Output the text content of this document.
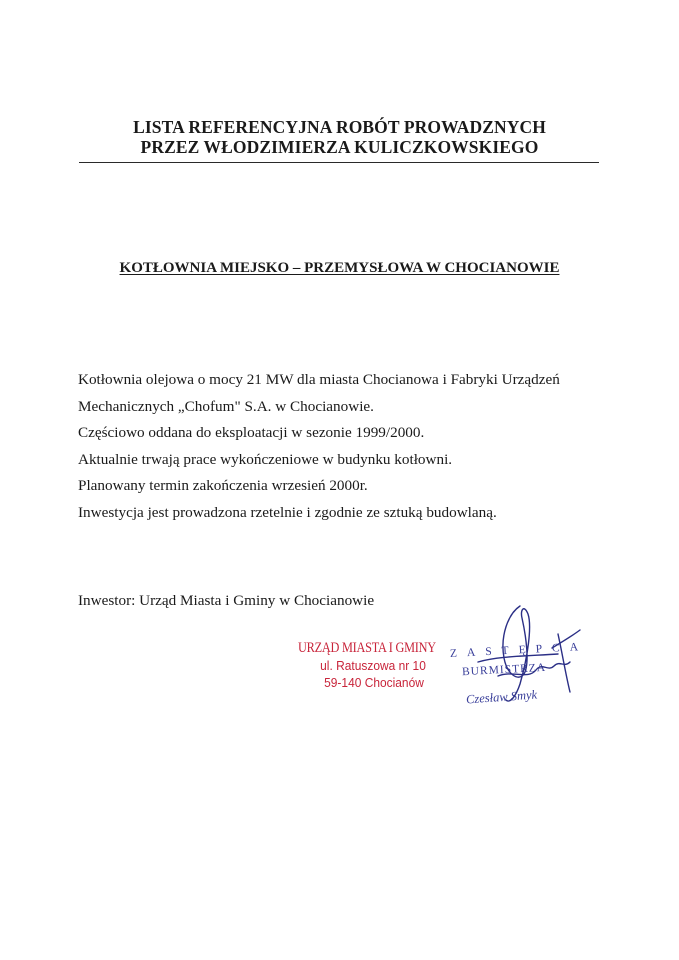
LISTA REFERENCYJNA ROBÓT PROWADZNYCH
PRZEZ WŁODZIMIERZA KULICZKOWSKIEGO
KOTŁOWNIA MIEJSKO – PRZEMYSŁOWA W CHOCIANOWIE

Kotłownia olejowa o mocy 21 MW dla miasta Chocianowa i Fabryki Urządzeń

Mechanicznych „Chofum" S.A. w Chocianowie.

Częściowo oddana do eksploatacji w sezonie 1999/2000.

Aktualnie trwają prace wykończeniowe w budynku kotłowni.

Planowany termin zakończenia wrzesień 2000r.

Inwestycja jest prowadzona rzetelnie i zgodnie ze sztuką budowlaną.

Inwestor: Urząd Miasta i Gminy w Chocianowie
URZĄD MIASTA I GMINY
ul. Ratuszowa nr 10
59-140 Chocianów
ZASTĘPCA
BURMISTRZA
Czesław Smyk
